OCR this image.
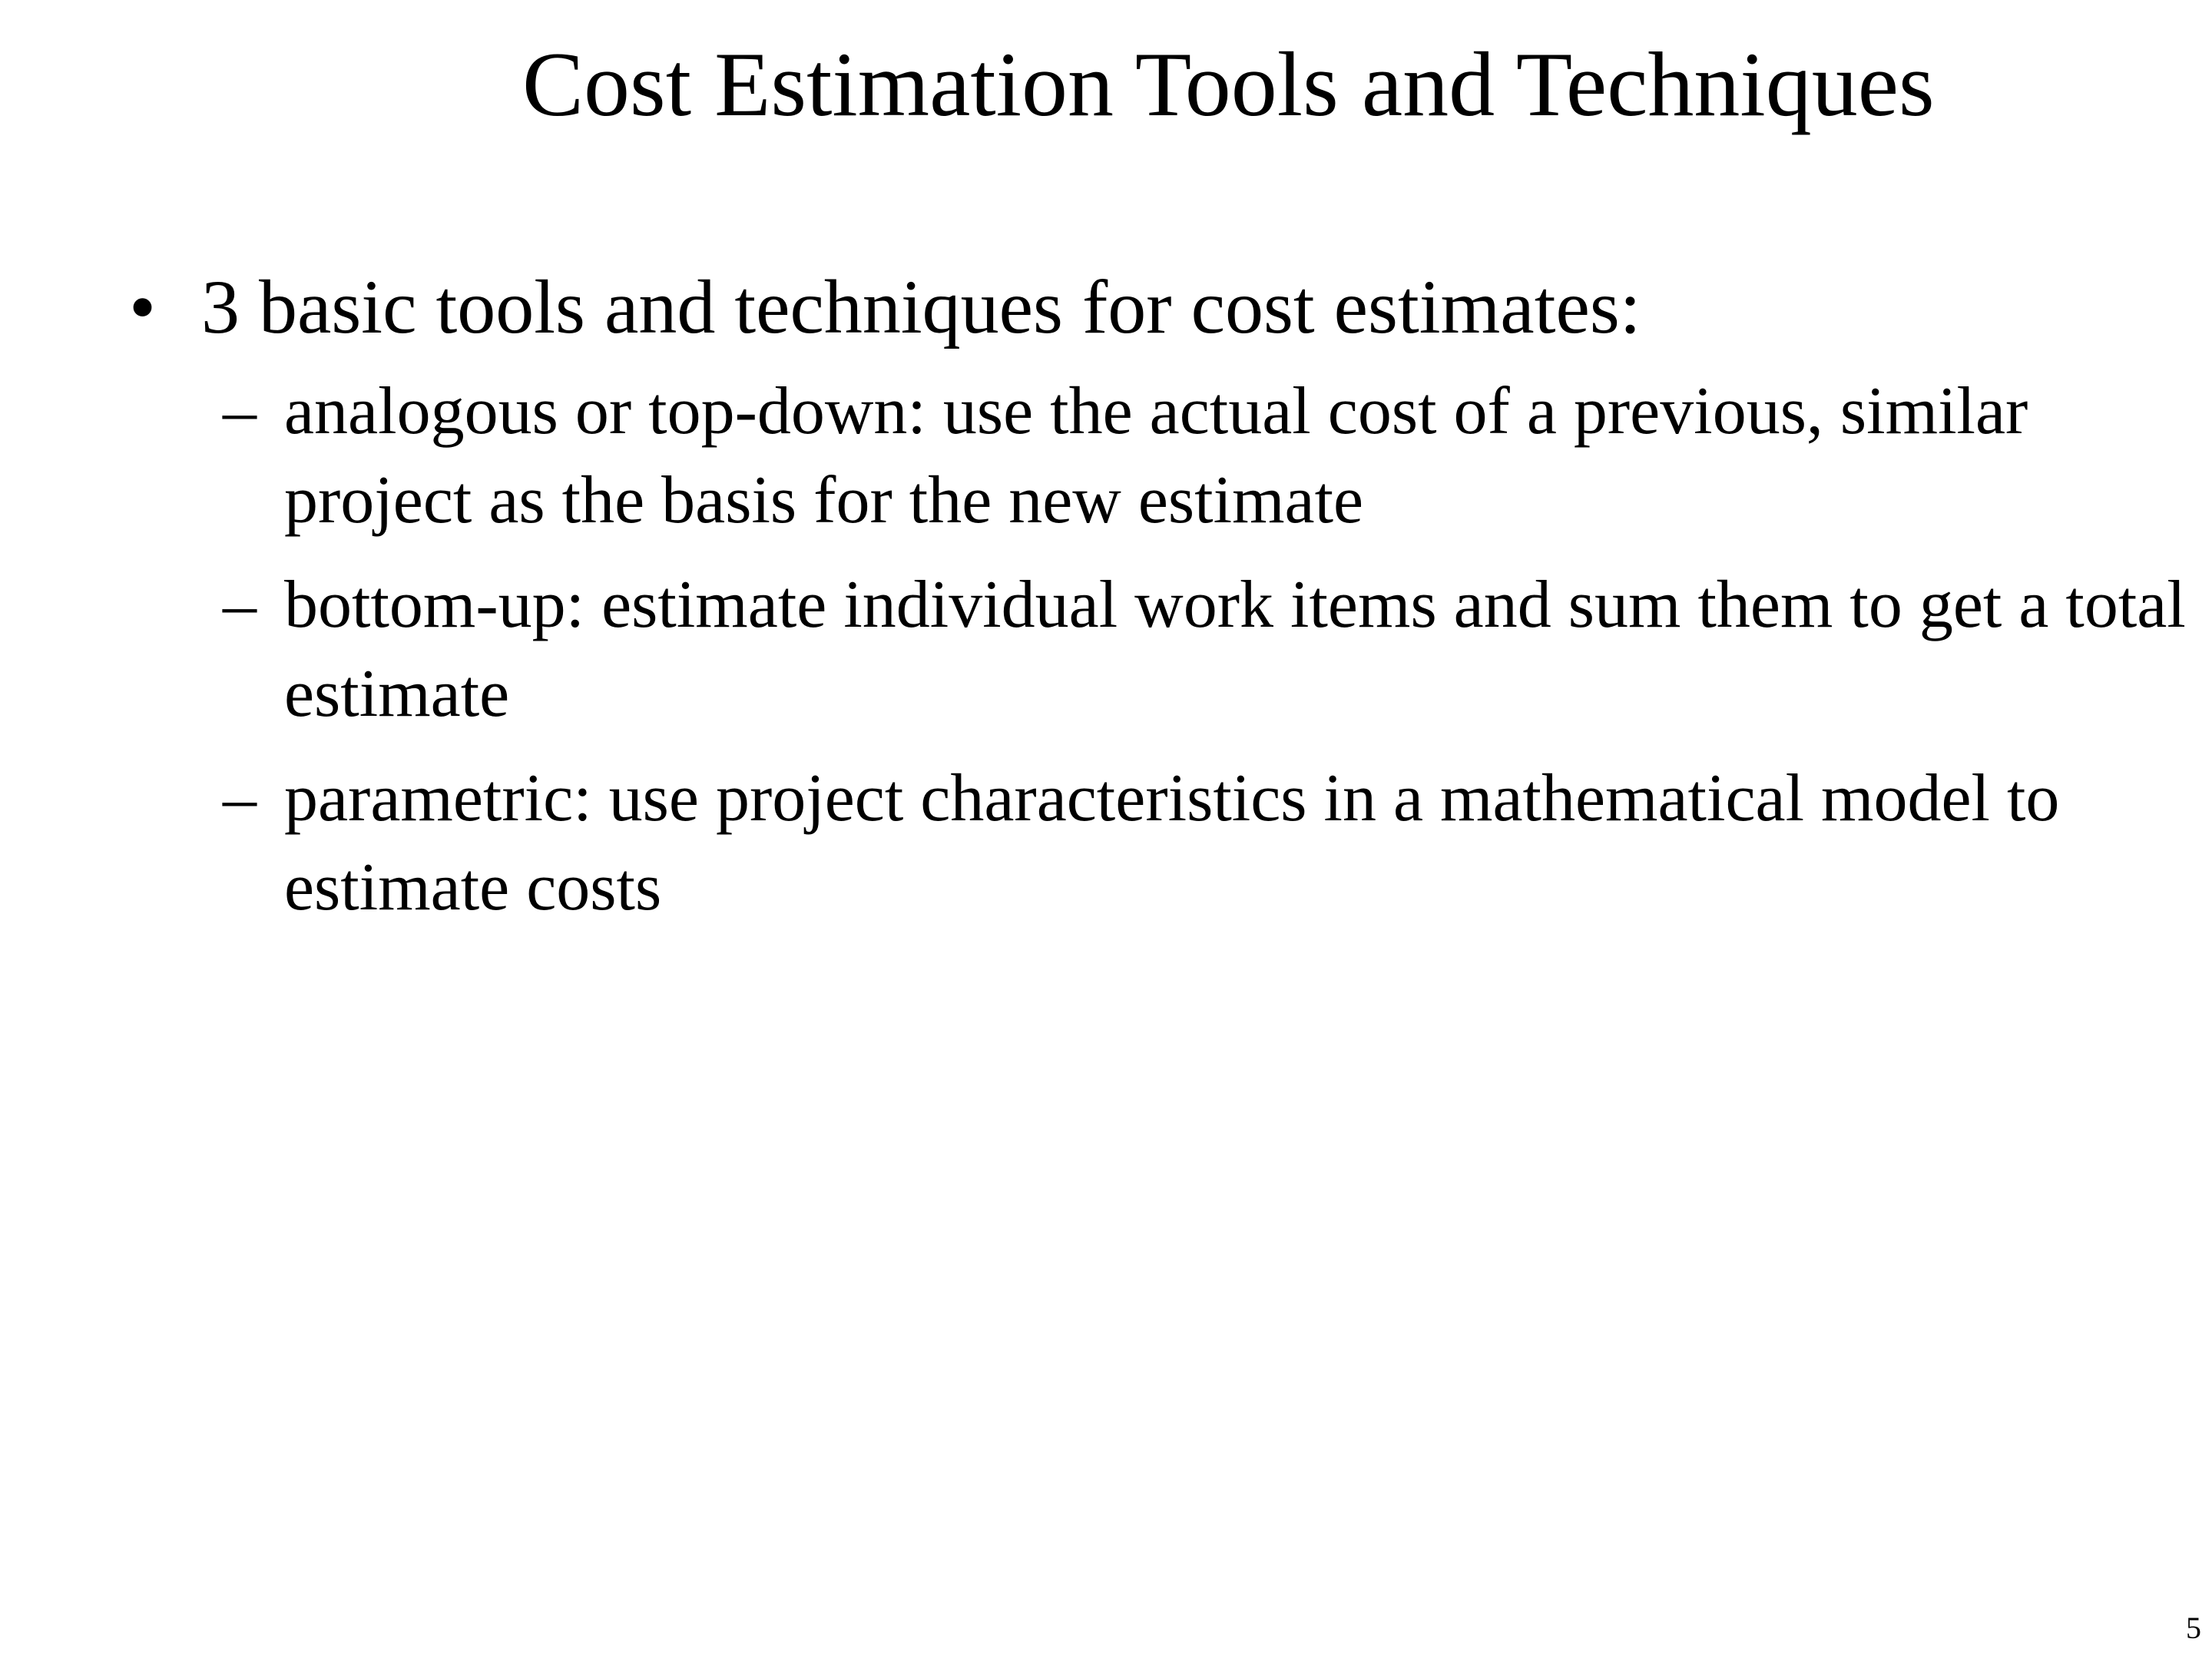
Cost Estimation Tools and Techniques
• 3 basic tools and techniques for cost estimates:
– analogous or top-down: use the actual cost of a previous, similar project as the basis for the new estimate
– bottom-up: estimate individual work items and sum them to get a total estimate
– parametric: use project characteristics in a mathematical model to estimate costs
5
